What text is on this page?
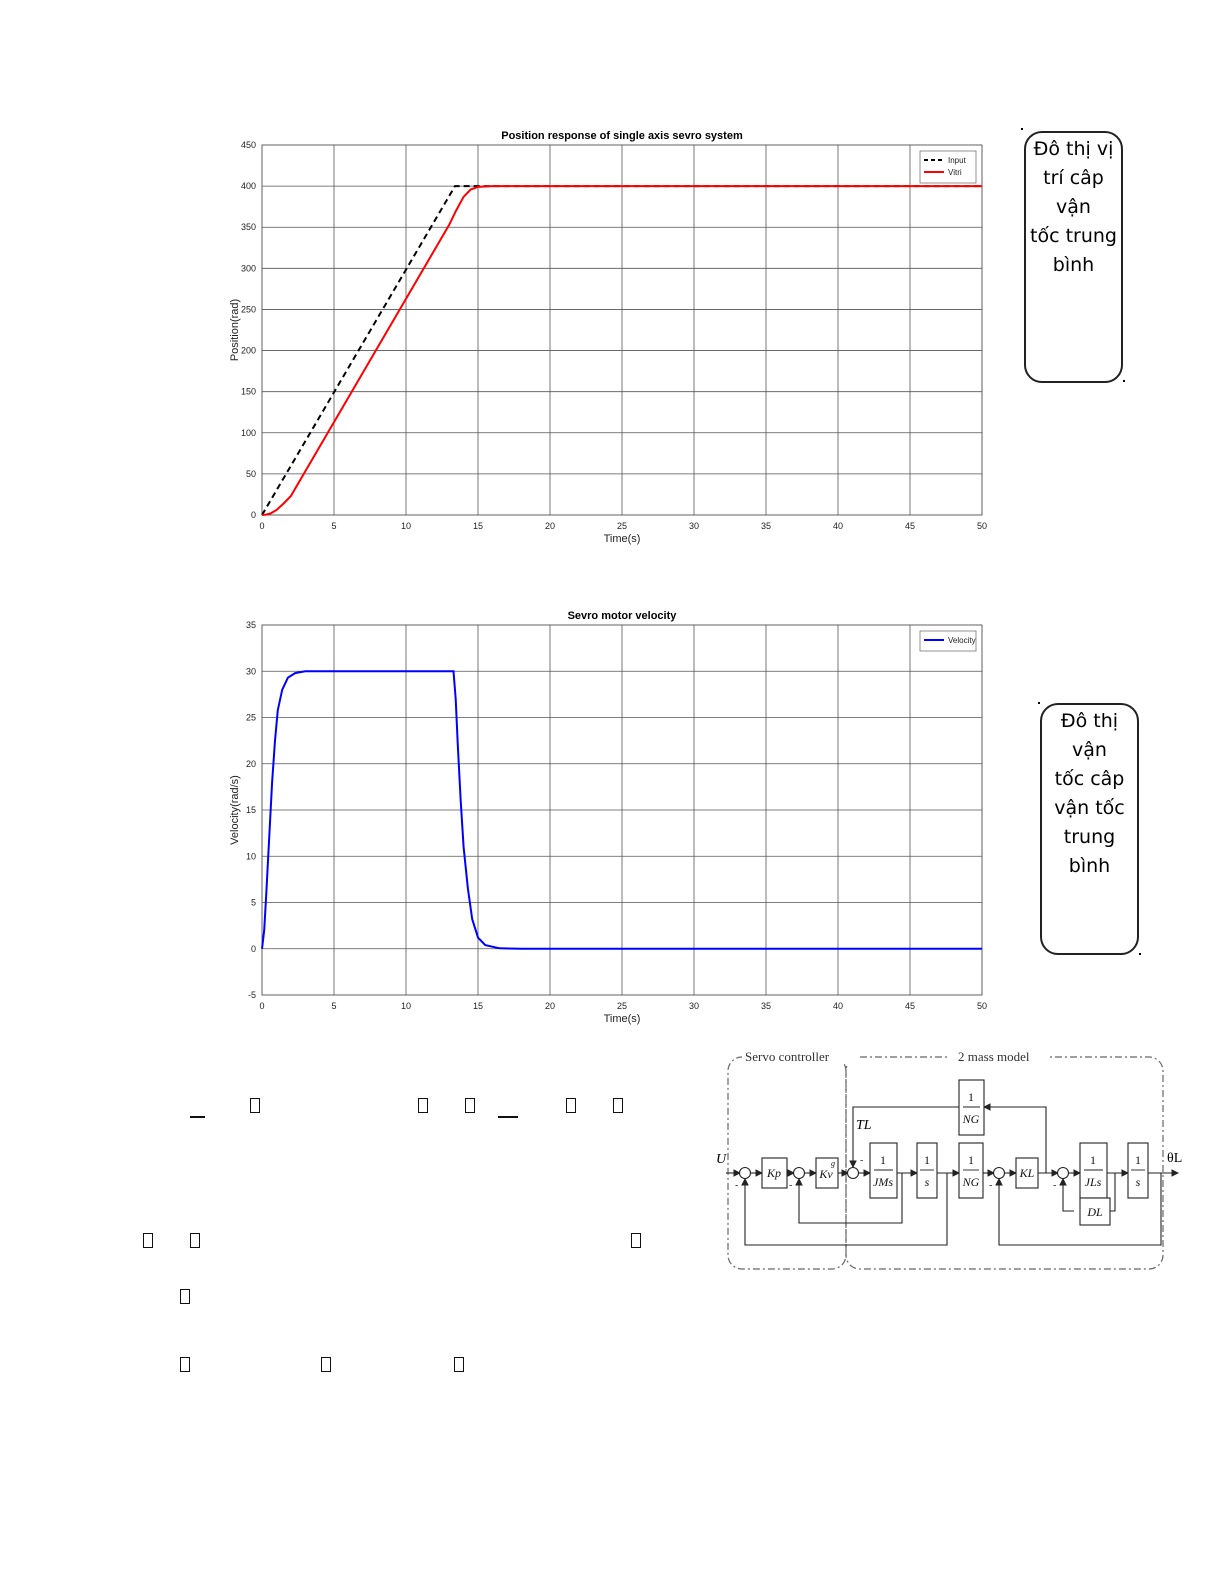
0	5	10	15	20	25	30	35	40	45	50
0
50
100
150
200
250
300
350
400
450
Position response of single axis sevro system
Time(s)
Position(rad)
Input
Vitri
0	5	10	15	20	25	30	35	40	45	50
-5
0
5
10
15
20
25
30
35
Sevro motor velocity
Time(s)
Velocity(rad/s)
Velocity
Đô thị vị
trí câp vận
tốc trung
bình
Đô thị vận
tốc câp
vận tốc
trung bình
Servo controller	2 mass model
-	-
-
-	-
Kp	Kv
g	1
JMs
1
s
1
NG
1
NG
KL
1
JLs
1
s
DL
U	θL
TL
